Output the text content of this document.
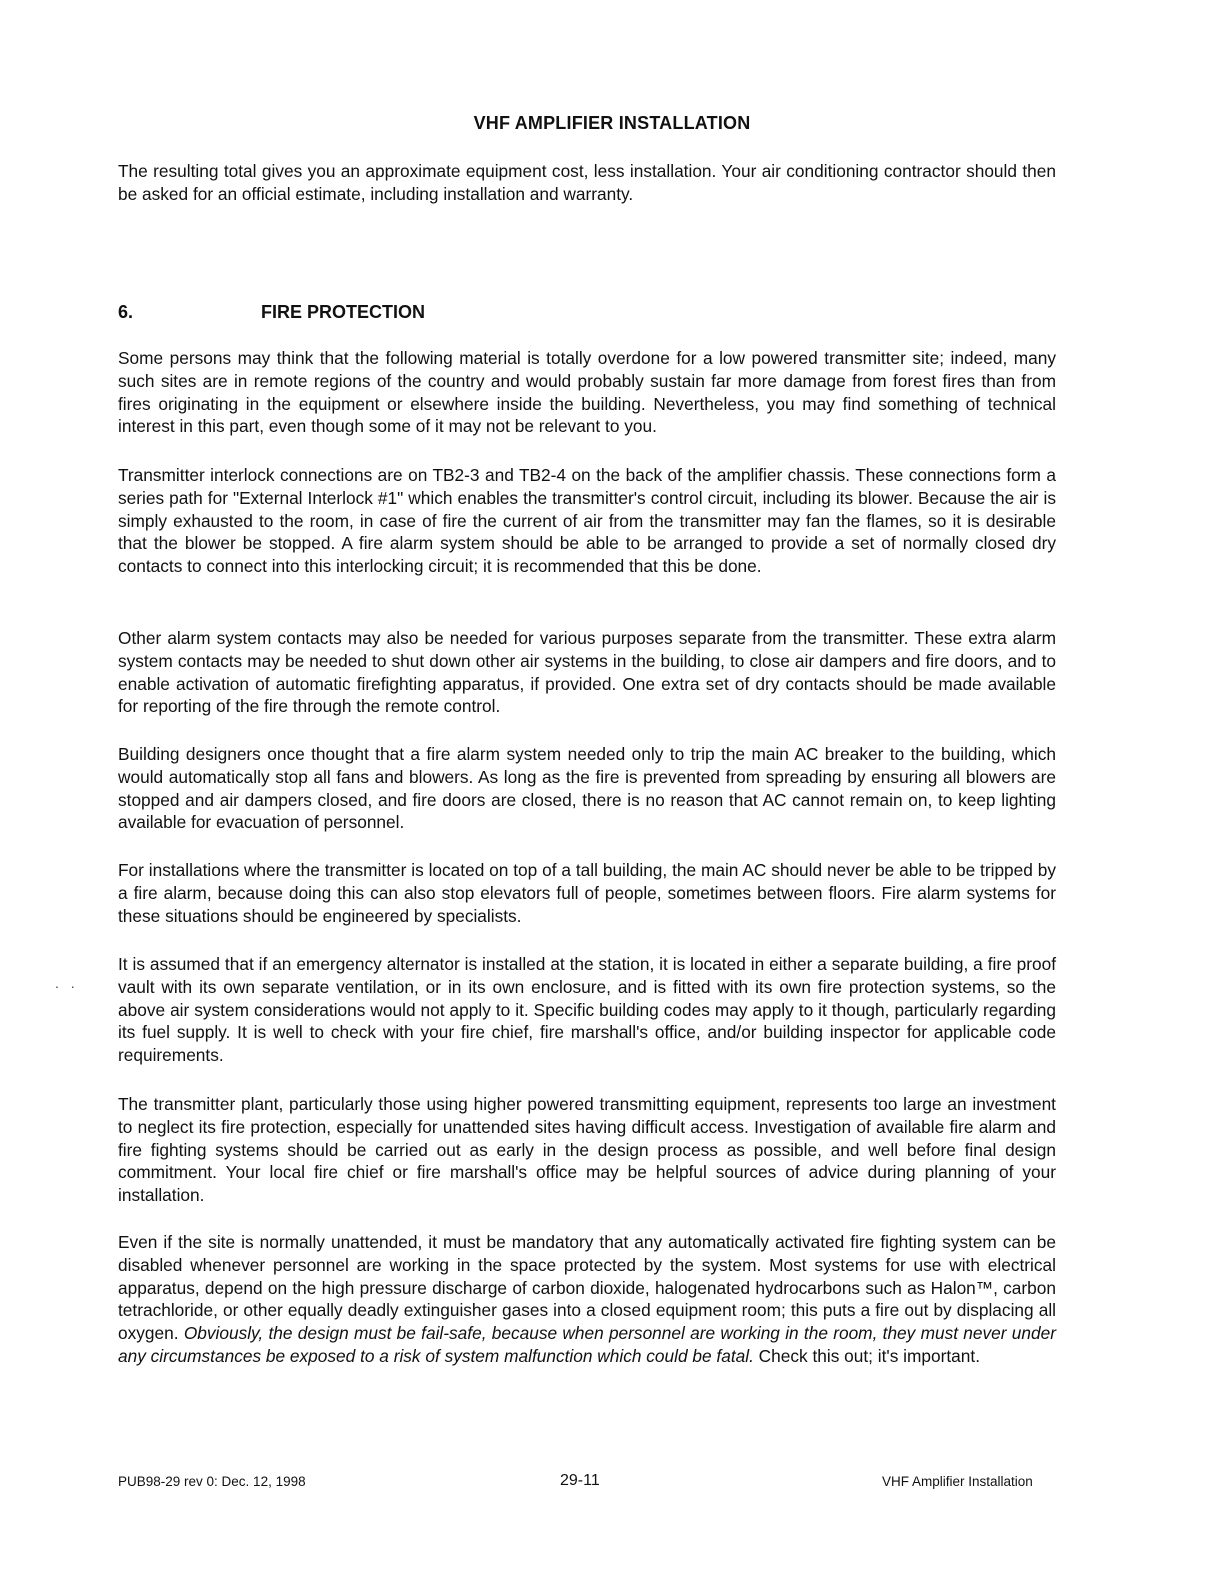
VHF AMPLIFIER INSTALLATION

The resulting total gives you an approximate equipment cost, less installation. Your air conditioning contractor should then be asked for an official estimate, including installation and warranty.

6.	FIRE PROTECTION

Some persons may think that the following material is totally overdone for a low powered transmitter site; indeed, many such sites are in remote regions of the country and would probably sustain far more damage from forest fires than from fires originating in the equipment or elsewhere inside the building. Nevertheless, you may find something of technical interest in this part, even though some of it may not be relevant to you.

Transmitter interlock connections are on TB2-3 and TB2-4 on the back of the amplifier chassis. These connections form a series path for "External Interlock #1" which enables the transmitter's control circuit, including its blower. Because the air is simply exhausted to the room, in case of fire the current of air from the transmitter may fan the flames, so it is desirable that the blower be stopped. A fire alarm system should be able to be arranged to provide a set of normally closed dry contacts to connect into this interlocking circuit; it is recommended that this be done.

Other alarm system contacts may also be needed for various purposes separate from the transmitter. These extra alarm system contacts may be needed to shut down other air systems in the building, to close air dampers and fire doors, and to enable activation of automatic firefighting apparatus, if provided. One extra set of dry contacts should be made available for reporting of the fire through the remote control.

Building designers once thought that a fire alarm system needed only to trip the main AC breaker to the building, which would automatically stop all fans and blowers. As long as the fire is prevented from spreading by ensuring all blowers are stopped and air dampers closed, and fire doors are closed, there is no reason that AC cannot remain on, to keep lighting available for evacuation of personnel.

For installations where the transmitter is located on top of a tall building, the main AC should never be able to be tripped by a fire alarm, because doing this can also stop elevators full of people, sometimes between floors. Fire alarm systems for these situations should be engineered by specialists.

It is assumed that if an emergency alternator is installed at the station, it is located in either a separate building, a fire proof vault with its own separate ventilation, or in its own enclosure, and is fitted with its own fire protection systems, so the above air system considerations would not apply to it. Specific building codes may apply to it though, particularly regarding its fuel supply. It is well to check with your fire chief, fire marshall's office, and/or building inspector for applicable code requirements.

The transmitter plant, particularly those using higher powered transmitting equipment, represents too large an investment to neglect its fire protection, especially for unattended sites having difficult access. Investigation of available fire alarm and fire fighting systems should be carried out as early in the design process as possible, and well before final design commitment. Your local fire chief or fire marshall's office may be helpful sources of advice during planning of your installation.

Even if the site is normally unattended, it must be mandatory that any automatically activated fire fighting system can be disabled whenever personnel are working in the space protected by the system. Most systems for use with electrical apparatus, depend on the high pressure discharge of carbon dioxide, halogenated hydrocarbons such as Halon™, carbon tetrachloride, or other equally deadly extinguisher gases into a closed equipment room; this puts a fire out by displacing all oxygen. Obviously, the design must be fail-safe, because when personnel are working in the room, they must never under any circumstances be exposed to a risk of system malfunction which could be fatal. Check this out; it's important.

. .
PUB98-29 rev 0: Dec. 12, 1998	29-11	VHF Amplifier Installation
